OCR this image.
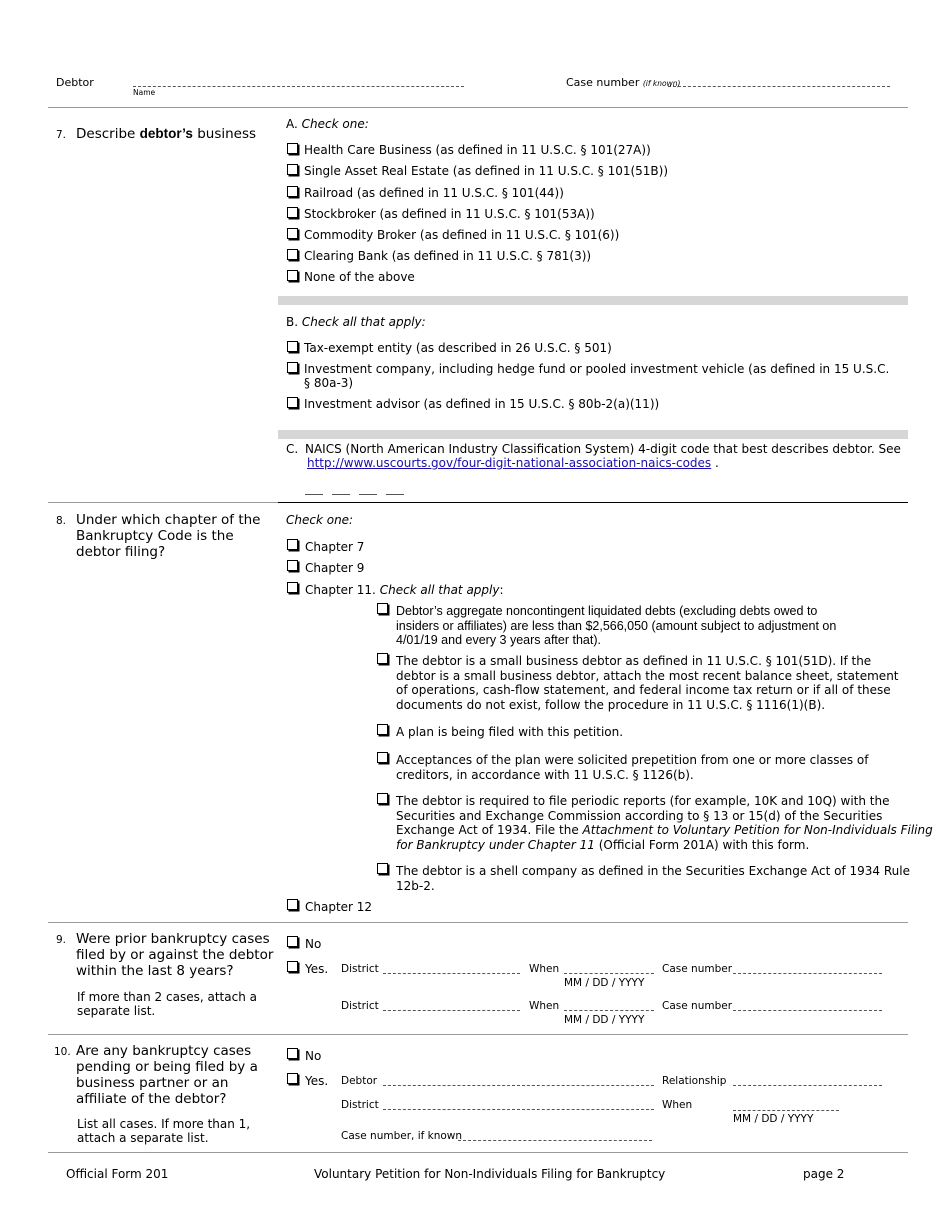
Debtor
Name
Case number (if known)
7. Describe debtor’s business
A. Check one:
Health Care Business (as defined in 11 U.S.C. § 101(27A))
Single Asset Real Estate (as defined in 11 U.S.C. § 101(51B))
Railroad (as defined in 11 U.S.C. § 101(44))
Stockbroker (as defined in 11 U.S.C. § 101(53A))
Commodity Broker (as defined in 11 U.S.C. § 101(6))
Clearing Bank (as defined in 11 U.S.C. § 781(3))
None of the above
B. Check all that apply:
Tax-exempt entity (as described in 26 U.S.C. § 501)
Investment company, including hedge fund or pooled investment vehicle (as defined in 15 U.S.C.
§ 80a-3)
Investment advisor (as defined in 15 U.S.C. § 80b-2(a)(11))
C. NAICS (North American Industry Classification System) 4-digit code that best describes debtor. See
http://www.uscourts.gov/four-digit-national-association-naics-codes .
8. Under which chapter of the Bankruptcy Code is the debtor filing?
Check one:
Chapter 7
Chapter 9
Chapter 11. Check all that apply:
Debtor’s aggregate noncontingent liquidated debts (excluding debts owed to
insiders or affiliates) are less than $2,566,050 (amount subject to adjustment on
4/01/19 and every 3 years after that).
The debtor is a small business debtor as defined in 11 U.S.C. § 101(51D). If the
debtor is a small business debtor, attach the most recent balance sheet, statement
of operations, cash-flow statement, and federal income tax return or if all of these
documents do not exist, follow the procedure in 11 U.S.C. § 1116(1)(B).
A plan is being filed with this petition.
Acceptances of the plan were solicited prepetition from one or more classes of
creditors, in accordance with 11 U.S.C. § 1126(b).
The debtor is required to file periodic reports (for example, 10K and 10Q) with the
Securities and Exchange Commission according to § 13 or 15(d) of the Securities
Exchange Act of 1934. File the Attachment to Voluntary Petition for Non-Individuals Filing
for Bankruptcy under Chapter 11 (Official Form 201A) with this form.
The debtor is a shell company as defined in the Securities Exchange Act of 1934 Rule
12b-2.
Chapter 12
9. Were prior bankruptcy cases filed by or against the debtor within the last 8 years?
If more than 2 cases, attach a separate list.
No
Yes. District	When
MM / DD / YYYY
Case number
District	When
MM / DD / YYYY
Case number
10. Are any bankruptcy cases pending or being filed by a business partner or an affiliate of the debtor?
List all cases. If more than 1, attach a separate list.
No
Yes. Debtor	Relationship
District	When
MM / DD / YYYY
Case number, if known
Official Form 201	Voluntary Petition for Non-Individuals Filing for Bankruptcy	page 2
